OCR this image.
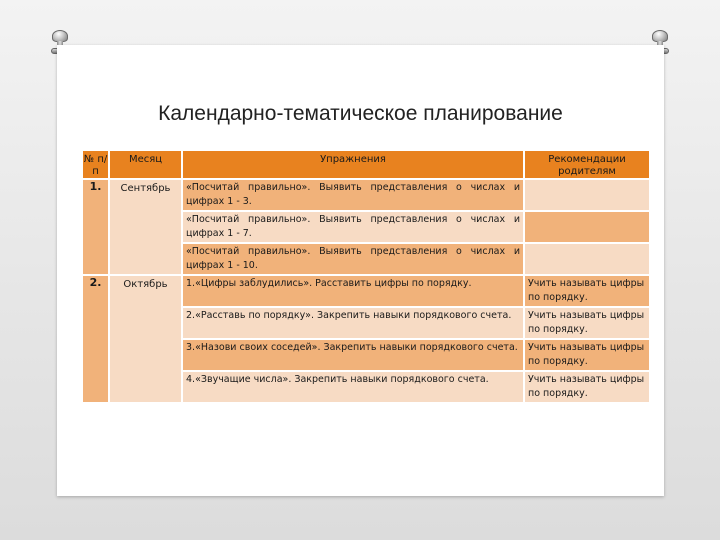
Календарно-тематическое планирование
№ п/п	Месяц	Упражнения	Рекомендации родителям
1.	Сентябрь	«Посчитай правильно». Выявить представления о числах и цифрах 1 - 3.	
		«Посчитай правильно». Выявить представления о числах и цифрах 1 - 7.	
		«Посчитай правильно». Выявить представления о числах и цифрах 1 - 10.	
2.	Октябрь	1.«Цифры заблудились». Расставить цифры по порядку.	Учить называть цифры по порядку.
		2.«Расставь по порядку». Закрепить навыки порядкового счета.	Учить называть цифры по порядку.
		3.«Назови своих соседей». Закрепить навыки порядкового счета.	Учить называть цифры по порядку.
		4.«Звучащие числа». Закрепить навыки порядкового счета.	Учить называть цифры по порядку.
